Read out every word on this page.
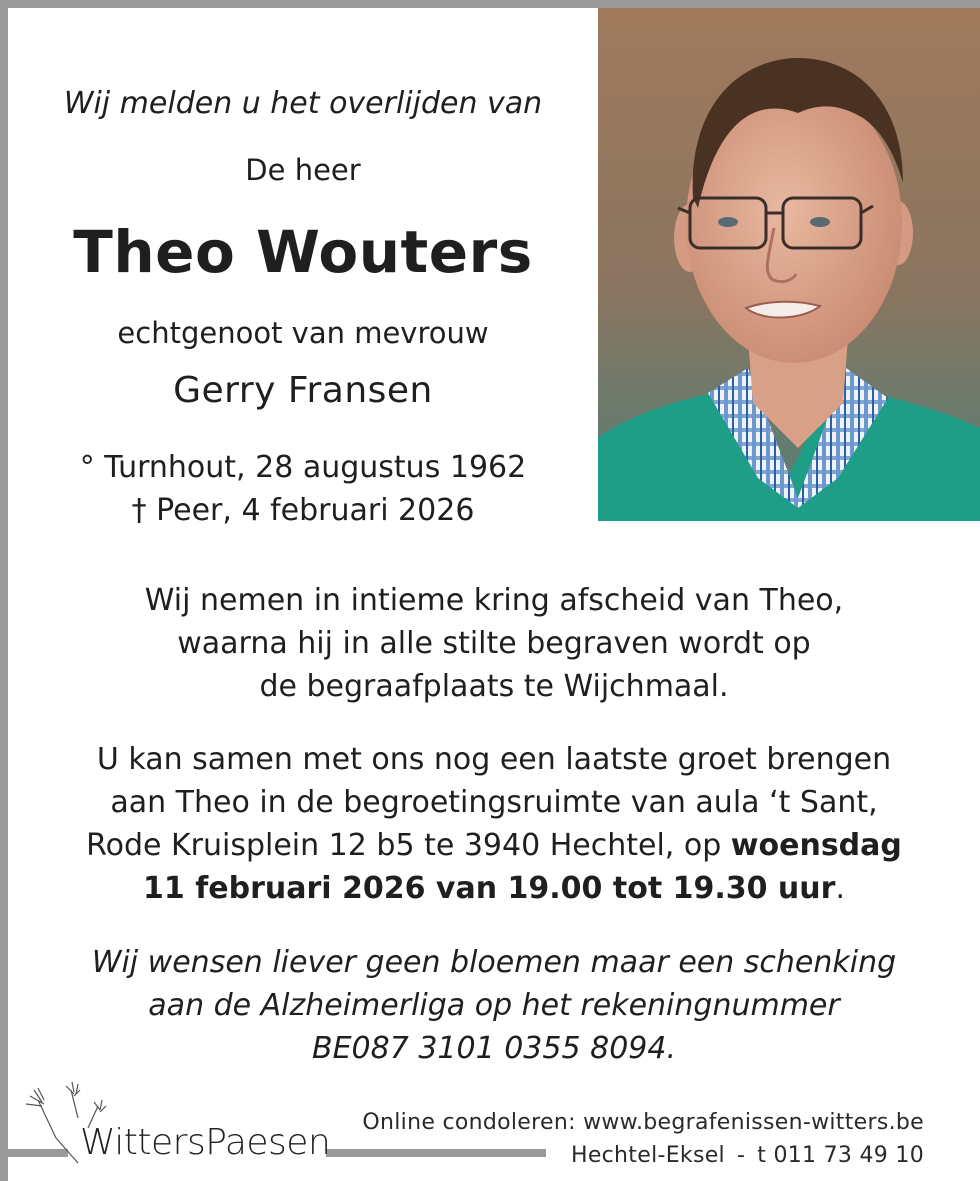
Wij melden u het overlijden van
De heer
Theo Wouters
echtgenoot van mevrouw
Gerry Fransen
° Turnhout, 28 augustus 1962
† Peer, 4 februari 2026
Wij nemen in intieme kring afscheid van Theo,
waarna hij in alle stilte begraven wordt op
de begraafplaats te Wijchmaal.
U kan samen met ons nog een laatste groet brengen
aan Theo in de begroetingsruimte van aula ‘t Sant,
Rode Kruisplein 12 b5 te 3940 Hechtel, op woensdag
11 februari 2026 van 19.00 tot 19.30 uur.
Wij wensen liever geen bloemen maar een schenking
aan de Alzheimerliga op het rekeningnummer
BE087 3101 0355 8094.
WittersPaesen Online condoleren: www.begrafenissen-witters.be
Hechtel-Eksel - t 011 73 49 10
